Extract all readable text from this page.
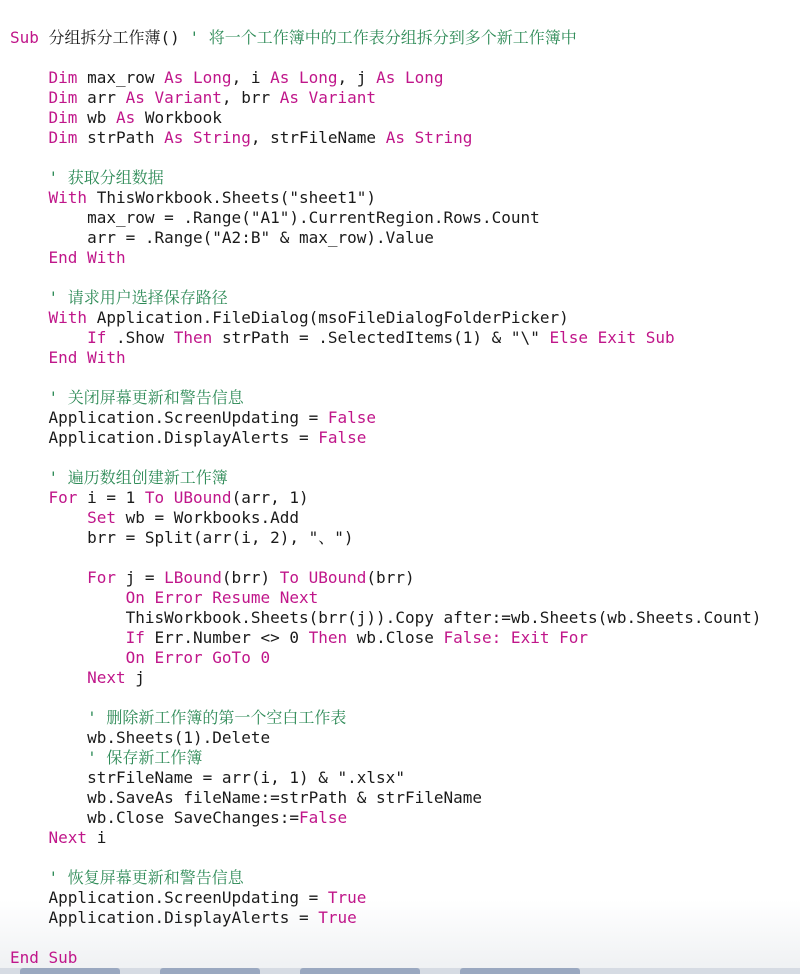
Sub 分组拆分工作薄() ' 将一个工作簿中的工作表分组拆分到多个新工作簿中
Dim max_row As Long, i As Long, j As Long
Dim arr As Variant, brr As Variant
Dim wb As Workbook
Dim strPath As String, strFileName As String
' 获取分组数据
With ThisWorkbook.Sheets("sheet1")
max_row = .Range("A1").CurrentRegion.Rows.Count
arr = .Range("A2:B" & max_row).Value
End With
' 请求用户选择保存路径
With Application.FileDialog(msoFileDialogFolderPicker)
If .Show Then strPath = .SelectedItems(1) & "\" Else Exit Sub
End With
' 关闭屏幕更新和警告信息
Application.ScreenUpdating = False
Application.DisplayAlerts = False
' 遍历数组创建新工作簿
For i = 1 To UBound(arr, 1)
Set wb = Workbooks.Add
brr = Split(arr(i, 2), "、")
For j = LBound(brr) To UBound(brr)
On Error Resume Next
ThisWorkbook.Sheets(brr(j)).Copy after:=wb.Sheets(wb.Sheets.Count)
If Err.Number <> 0 Then wb.Close False: Exit For
On Error GoTo 0
Next j
' 删除新工作簿的第一个空白工作表
wb.Sheets(1).Delete
' 保存新工作簿
strFileName = arr(i, 1) & ".xlsx"
wb.SaveAs fileName:=strPath & strFileName
wb.Close SaveChanges:=False
Next i
' 恢复屏幕更新和警告信息
Application.ScreenUpdating = True
Application.DisplayAlerts = True
End Sub
